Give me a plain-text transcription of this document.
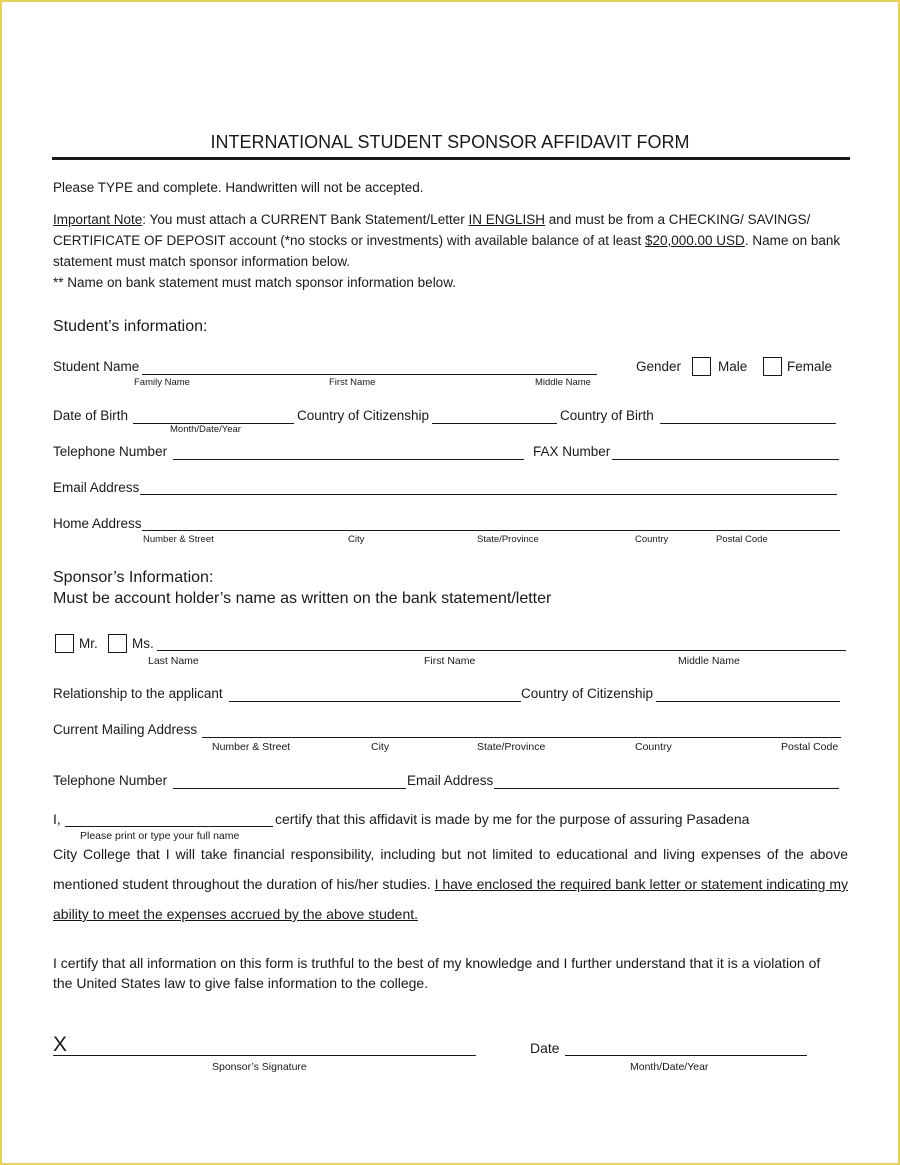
INTERNATIONAL STUDENT SPONSOR AFFIDAVIT FORM
Please TYPE and complete. Handwritten will not be accepted.
Important Note: You must attach a CURRENT Bank Statement/Letter IN ENGLISH and must be from a CHECKING/ SAVINGS/
CERTIFICATE OF DEPOSIT account (*no stocks or investments) with available balance of at least $20,000.00 USD. Name on bank
statement must match sponsor information below.
** Name on bank statement must match sponsor information below.
Student’s information:
Student Name
Family Name	First Name	Middle Name
Gender	Male	Female
Date of Birth
Month/Date/Year
Country of Citizenship	Country of Birth
Telephone Number	FAX Number
Email Address
Home Address
Number & Street	City	State/Province	Country	Postal Code
Sponsor’s Information:
Must be account holder’s name as written on the bank statement/letter
Mr.	Ms.
Last Name	First Name	Middle Name
Relationship to the applicant	Country of Citizenship
Current Mailing Address
Number & Street	City	State/Province	Country	Postal Code
Telephone Number	Email Address
I,	certify that this affidavit is made by me for the purpose of assuring Pasadena
Please print or type your full name
City College that I will take financial responsibility, including but not limited to educational and living expenses of the above mentioned student throughout the duration of his/her studies. I have enclosed the required bank letter or statement indicating my ability to meet the expenses accrued by the above student.
I certify that all information on this form is truthful to the best of my knowledge and I further understand that it is a violation of the United States law to give false information to the college.
X
Sponsor’s Signature
Date
Month/Date/Year
